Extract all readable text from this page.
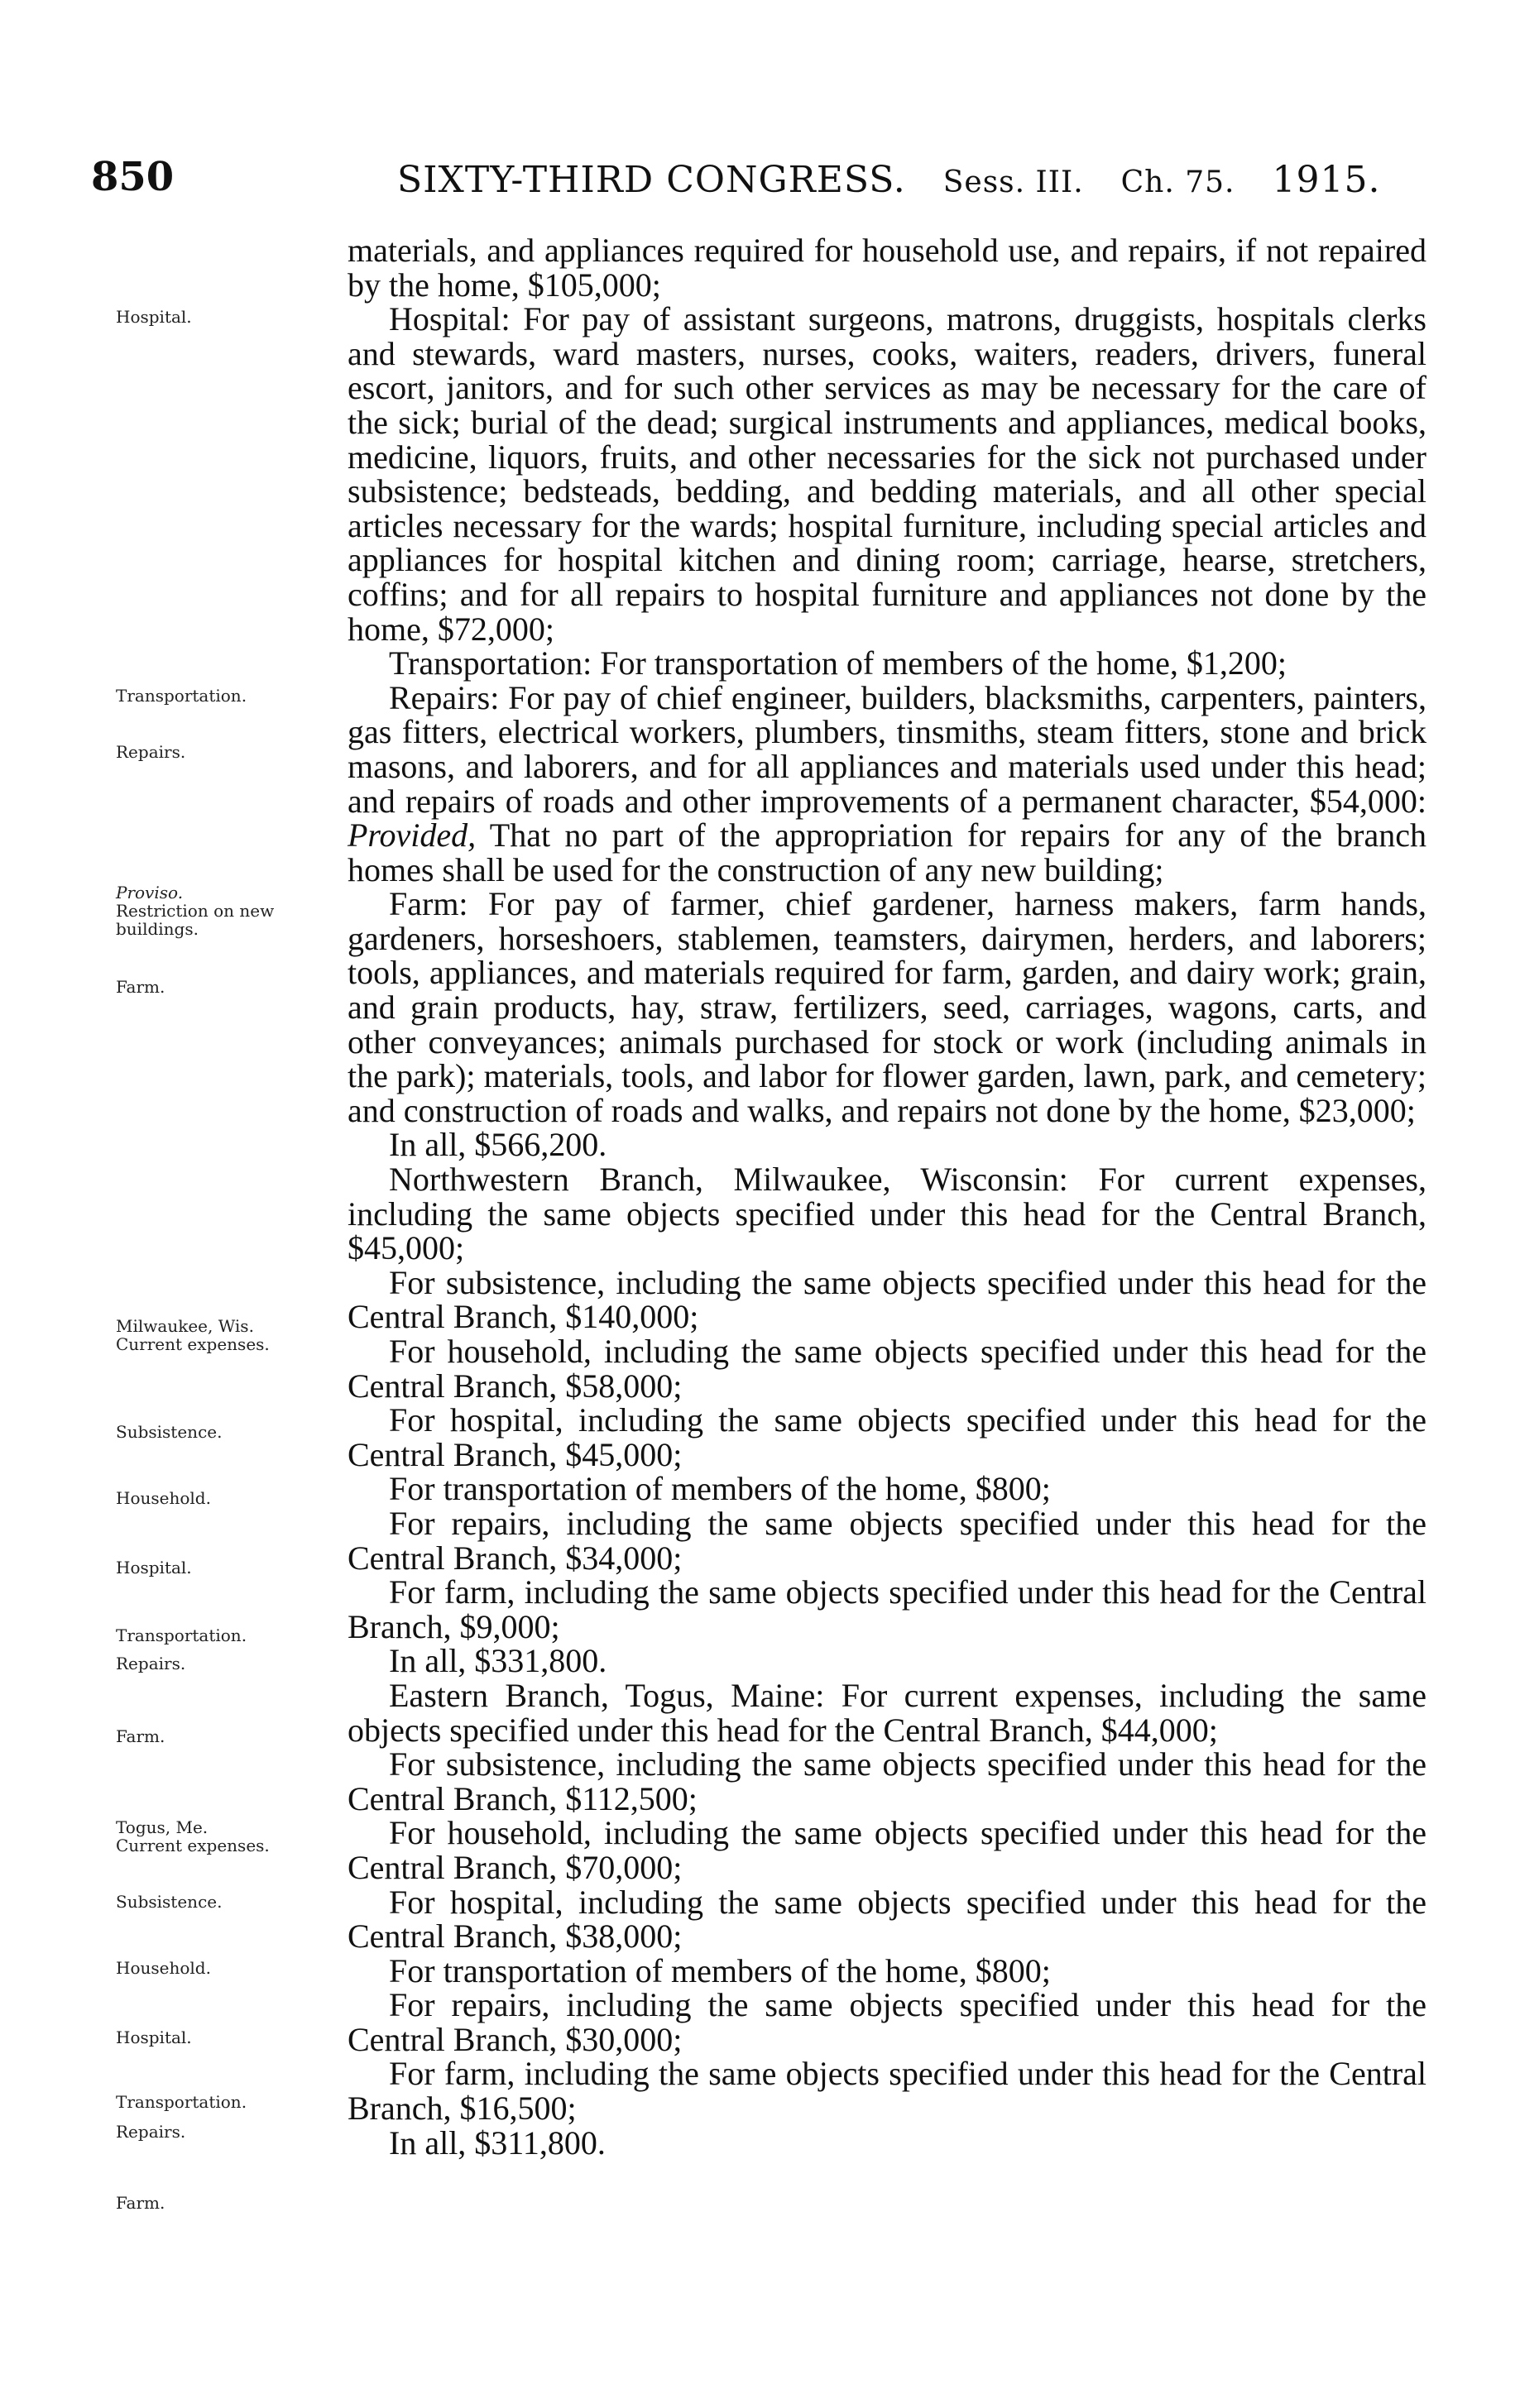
850	SIXTY-THIRD CONGRESS. Sess. III. Ch. 75. 1915.
Hospital.
Transportation.
Repairs.
Proviso.
Restriction on new buildings.
Farm.
Milwaukee, Wis.
Current expenses.
Subsistence.
Household.
Hospital.
Transportation.
Repairs.
Farm.
Togus, Me.
Current expenses.
Subsistence.
Household.
Hospital.
Transportation.
Repairs.
Farm.

materials, and appliances required for household use, and repairs, if not repaired by the home, $105,000;

Hospital: For pay of assistant surgeons, matrons, druggists, hospitals clerks and stewards, ward masters, nurses, cooks, waiters, readers, drivers, funeral escort, janitors, and for such other services as may be necessary for the care of the sick; burial of the dead; surgical instruments and appliances, medical books, medicine, liquors, fruits, and other necessaries for the sick not purchased under subsistence; bedsteads, bedding, and bedding materials, and all other special articles necessary for the wards; hospital furniture, including special articles and appliances for hospital kitchen and dining room; carriage, hearse, stretchers, coffins; and for all repairs to hospital furniture and appliances not done by the home, $72,000;

Transportation: For transportation of members of the home, $1,200;

Repairs: For pay of chief engineer, builders, blacksmiths, carpenters, painters, gas fitters, electrical workers, plumbers, tinsmiths, steam fitters, stone and brick masons, and laborers, and for all appliances and materials used under this head; and repairs of roads and other improvements of a permanent character, $54,000: Provided, That no part of the appropriation for repairs for any of the branch homes shall be used for the construction of any new building;

Farm: For pay of farmer, chief gardener, harness makers, farm hands, gardeners, horseshoers, stablemen, teamsters, dairymen, herders, and laborers; tools, appliances, and materials required for farm, garden, and dairy work; grain, and grain products, hay, straw, fertilizers, seed, carriages, wagons, carts, and other conveyances; animals purchased for stock or work (including animals in the park); materials, tools, and labor for flower garden, lawn, park, and cemetery; and construction of roads and walks, and repairs not done by the home, $23,000;

In all, $566,200.

Northwestern Branch, Milwaukee, Wisconsin: For current expenses, including the same objects specified under this head for the Central Branch, $45,000;

For subsistence, including the same objects specified under this head for the Central Branch, $140,000;

For household, including the same objects specified under this head for the Central Branch, $58,000;

For hospital, including the same objects specified under this head for the Central Branch, $45,000;

For transportation of members of the home, $800;

For repairs, including the same objects specified under this head for the Central Branch, $34,000;

For farm, including the same objects specified under this head for the Central Branch, $9,000;

In all, $331,800.

Eastern Branch, Togus, Maine: For current expenses, including the same objects specified under this head for the Central Branch, $44,000;

For subsistence, including the same objects specified under this head for the Central Branch, $112,500;

For household, including the same objects specified under this head for the Central Branch, $70,000;

For hospital, including the same objects specified under this head for the Central Branch, $38,000;

For transportation of members of the home, $800;

For repairs, including the same objects specified under this head for the Central Branch, $30,000;

For farm, including the same objects specified under this head for the Central Branch, $16,500;

In all, $311,800.
